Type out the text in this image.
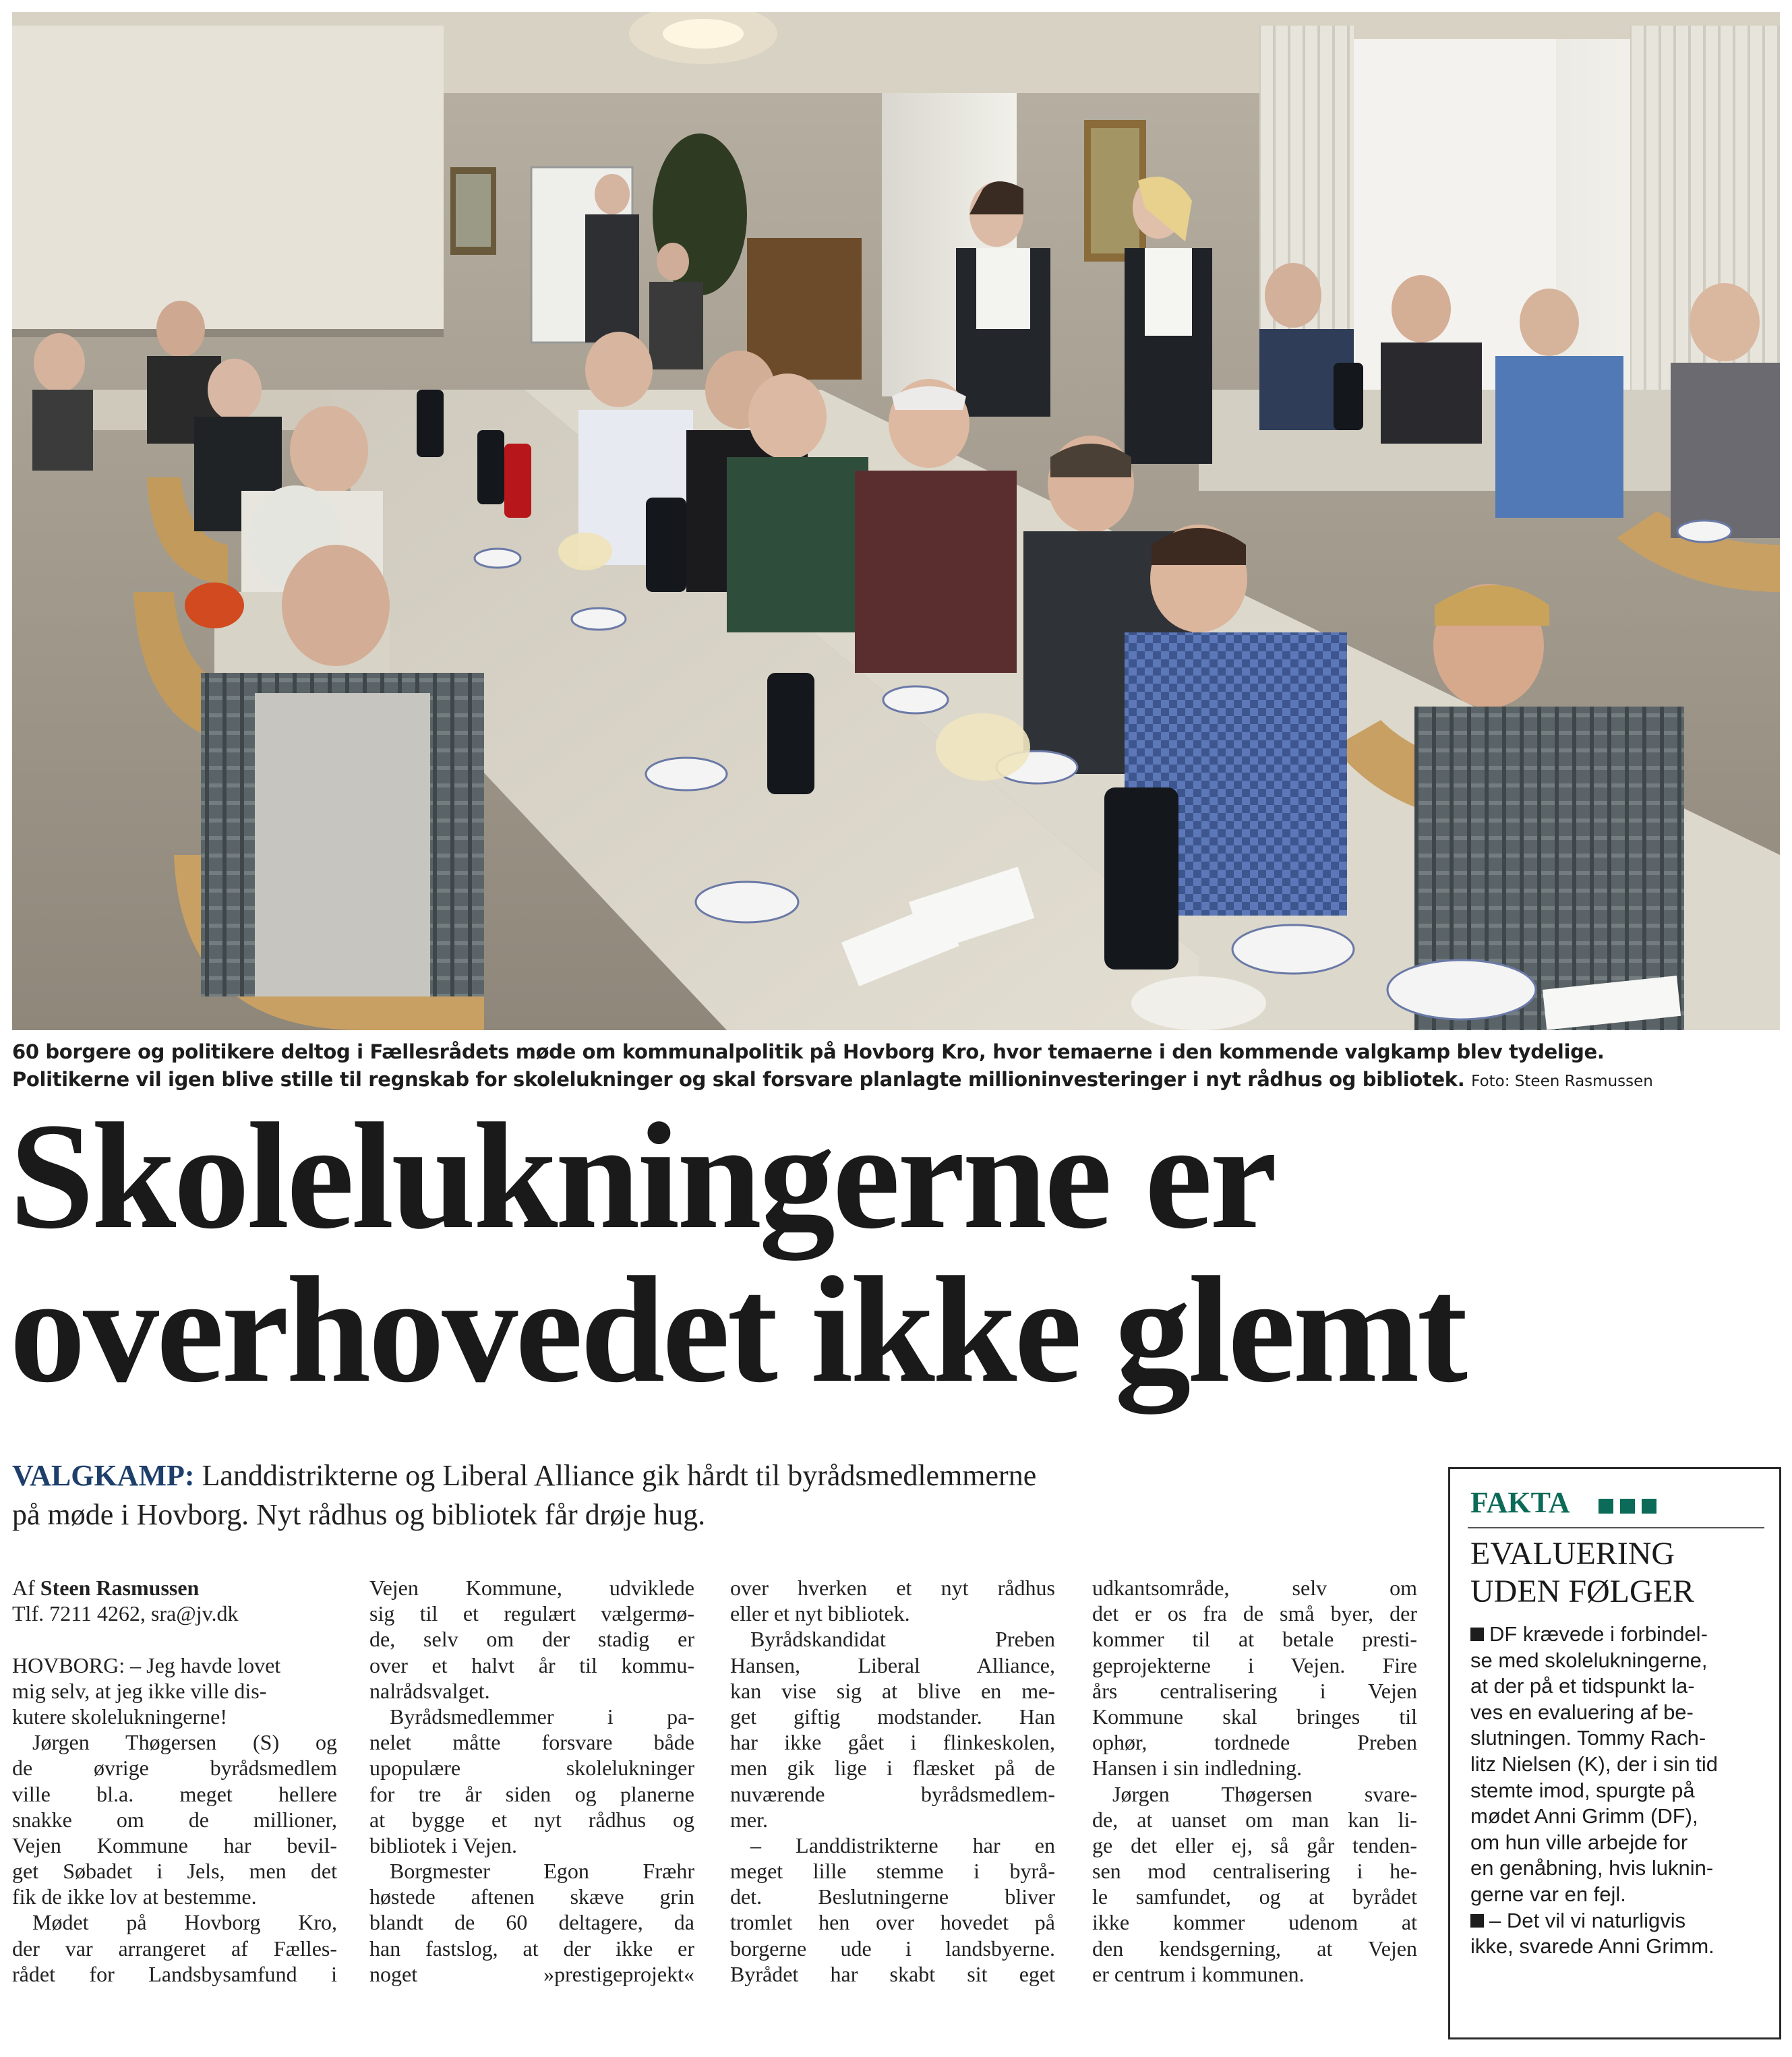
60 borgere og politikere deltog i Fællesrådets møde om kommunalpolitik på Hovborg Kro, hvor temaerne i den kommende valgkamp blev tydelige.
Politikerne vil igen blive stille til regnskab for skolelukninger og skal forsvare planlagte millioninvesteringer i nyt rådhus og bibliotek. Foto: Steen Rasmussen
Skolelukningerne er
overhovedet ikke glemt
VALGKAMP: Landdistrikterne og Liberal Alliance gik hårdt til byrådsmedlemmerne
på møde i Hovborg. Nyt rådhus og bibliotek får drøje hug.
Af Steen Rasmussen
Tlf. 7211 4262, sra@jv.dk
HOVBORG: – Jeg havde lovet
mig selv, at jeg ikke ville dis-
kutere skolelukningerne!
Jørgen Thøgersen (S) og
de øvrige byrådsmedlem
ville bl.a. meget hellere
snakke om de millioner,
Vejen Kommune har bevil-
get Søbadet i Jels, men det
fik de ikke lov at bestemme.
Mødet på Hovborg Kro,
der var arrangeret af Fælles-
rådet for Landsbysamfund i
Vejen Kommune, udviklede
sig til et regulært vælgermø-
de, selv om der stadig er
over et halvt år til kommu-
nalrådsvalget.
Byrådsmedlemmer i pa-
nelet måtte forsvare både
upopulære skolelukninger
for tre år siden og planerne
at bygge et nyt rådhus og
bibliotek i Vejen.
Borgmester Egon Fræhr
høstede aftenen skæve grin
blandt de 60 deltagere, da
han fastslog, at der ikke er
noget »prestigeprojekt«
over hverken et nyt rådhus
eller et nyt bibliotek.
Byrådskandidat Preben
Hansen, Liberal Alliance,
kan vise sig at blive en me-
get giftig modstander. Han
har ikke gået i flinkeskolen,
men gik lige i flæsket på de
nuværende byrådsmedlem-
mer.
– Landdistrikterne har en
meget lille stemme i byrå-
det. Beslutningerne bliver
tromlet hen over hovedet på
borgerne ude i landsbyerne.
Byrådet har skabt sit eget
udkantsområde, selv om
det er os fra de små byer, der
kommer til at betale presti-
geprojekterne i Vejen. Fire
års centralisering i Vejen
Kommune skal bringes til
ophør, tordnede Preben
Hansen i sin indledning.
Jørgen Thøgersen svare-
de, at uanset om man kan li-
ge det eller ej, så går tenden-
sen mod centralisering i he-
le samfundet, og at byrådet
ikke kommer udenom at
den kendsgerning, at Vejen
er centrum i kommunen.
FAKTA
EVALUERING
UDEN FØLGER
DF krævede i forbindel-
se med skolelukningerne,
at der på et tidspunkt la-
ves en evaluering af be-
slutningen. Tommy Rach-
litz Nielsen (K), der i sin tid
stemte imod, spurgte på
mødet Anni Grimm (DF),
om hun ville arbejde for
en genåbning, hvis luknin-
gerne var en fejl.
– Det vil vi naturligvis
ikke, svarede Anni Grimm.
